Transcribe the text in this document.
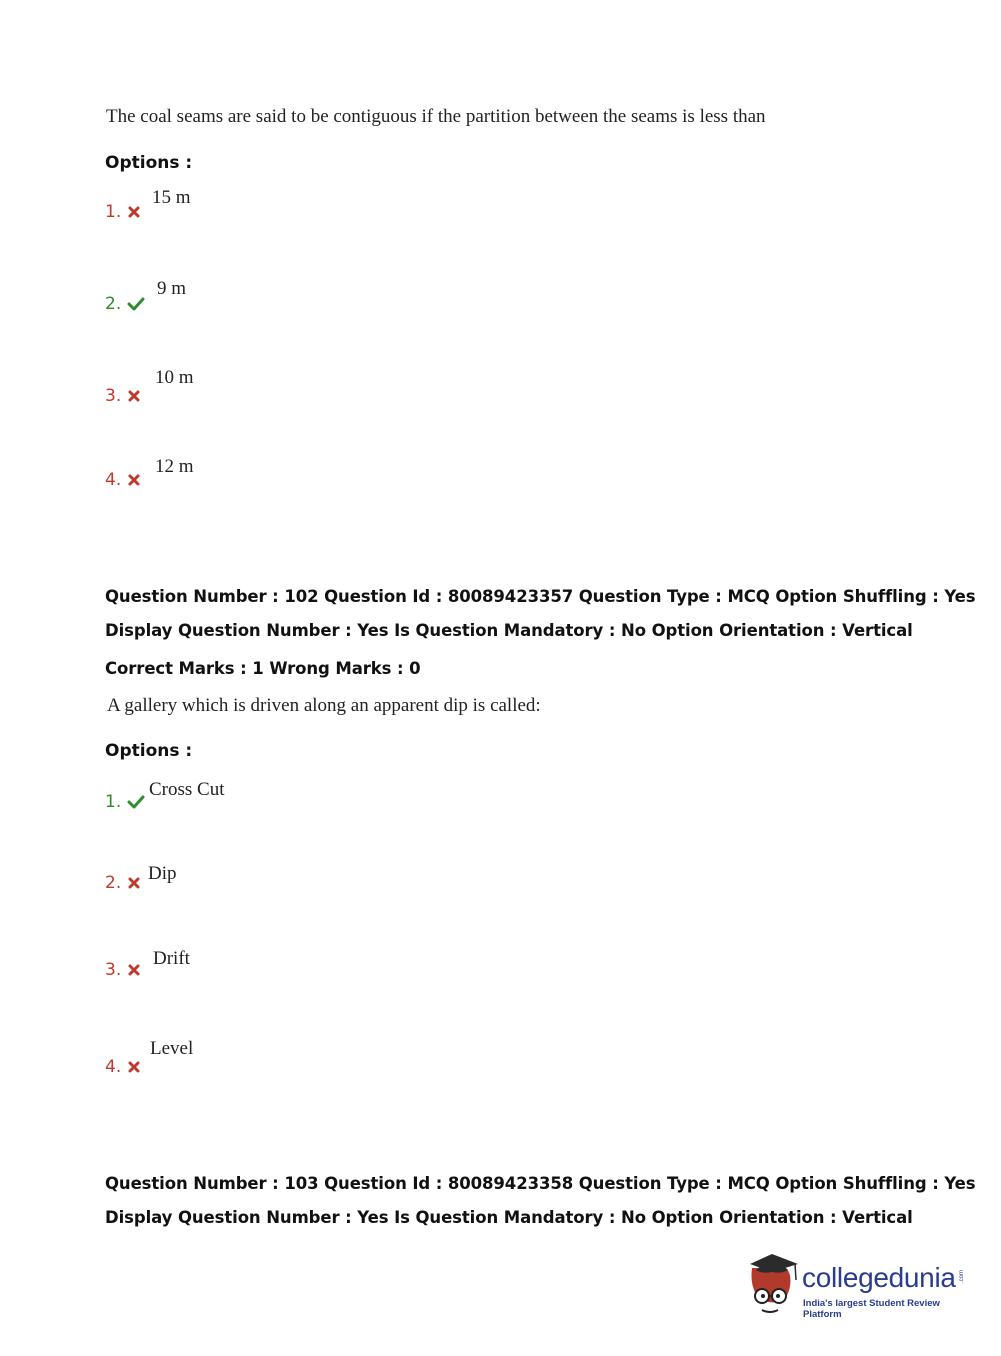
The coal seams are said to be contiguous if the partition between the seams is less than
Options :
1.
15 m
2.
9 m
3.
10 m
4.
12 m
Question Number : 102 Question Id : 80089423357 Question Type : MCQ Option Shuffling : Yes
Display Question Number : Yes Is Question Mandatory : No Option Orientation : Vertical
Correct Marks : 1 Wrong Marks : 0
A gallery which is driven along an apparent dip is called:
Options :
1.
Cross Cut
2. Dip
3.
Drift
4.
Level
Question Number : 103 Question Id : 80089423358 Question Type : MCQ Option Shuffling : Yes
Display Question Number : Yes Is Question Mandatory : No Option Orientation : Vertical
collegedunia .com
India's largest Student Review Platform
